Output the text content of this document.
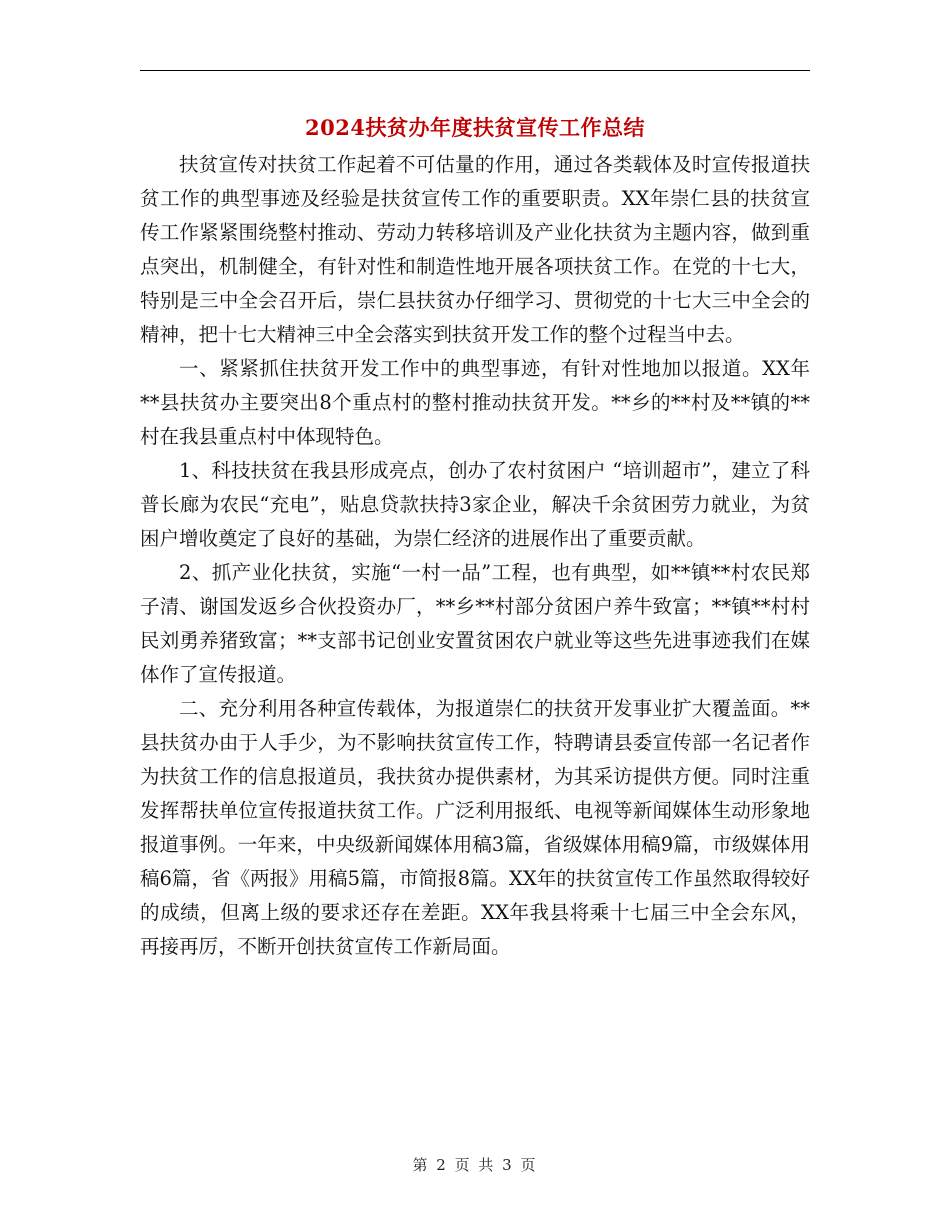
2024扶贫办年度扶贫宣传工作总结

扶贫宣传对扶贫工作起着不可估量的作用，通过各类载体及时宣传报道扶贫工作的典型事迹及经验是扶贫宣传工作的重要职责。XX年崇仁县的扶贫宣传工作紧紧围绕整村推动、劳动力转移培训及产业化扶贫为主题内容，做到重点突出，机制健全，有针对性和制造性地开展各项扶贫工作。在党的十七大，特别是三中全会召开后，崇仁县扶贫办仔细学习、贯彻党的十七大三中全会的精神，把十七大精神三中全会落实到扶贫开发工作的整个过程当中去。

一、紧紧抓住扶贫开发工作中的典型事迹，有针对性地加以报道。XX年**县扶贫办主要突出8个重点村的整村推动扶贫开发。**乡的**村及**镇的**村在我县重点村中体现特色。

1、科技扶贫在我县形成亮点，创办了农村贫困户 “培训超市”，建立了科普长廊为农民“充电”，贴息贷款扶持3家企业，解决千余贫困劳力就业，为贫困户增收奠定了良好的基础，为崇仁经济的进展作出了重要贡献。

2、抓产业化扶贫，实施“一村一品”工程，也有典型，如**镇**村农民郑子清、谢国发返乡合伙投资办厂，**乡**村部分贫困户养牛致富；**镇**村村民刘勇养猪致富；**支部书记创业安置贫困农户就业等这些先进事迹我们在媒体作了宣传报道。

二、充分利用各种宣传载体，为报道崇仁的扶贫开发事业扩大覆盖面。**县扶贫办由于人手少，为不影响扶贫宣传工作，特聘请县委宣传部一名记者作为扶贫工作的信息报道员，我扶贫办提供素材，为其采访提供方便。同时注重发挥帮扶单位宣传报道扶贫工作。广泛利用报纸、电视等新闻媒体生动形象地报道事例。一年来，中央级新闻媒体用稿3篇，省级媒体用稿9篇，市级媒体用稿6篇，省《两报》用稿5篇，市简报8篇。XX年的扶贫宣传工作虽然取得较好的成绩，但离上级的要求还存在差距。XX年我县将乘十七届三中全会东风，再接再厉，不断开创扶贫宣传工作新局面。

第 2 页 共 3 页
